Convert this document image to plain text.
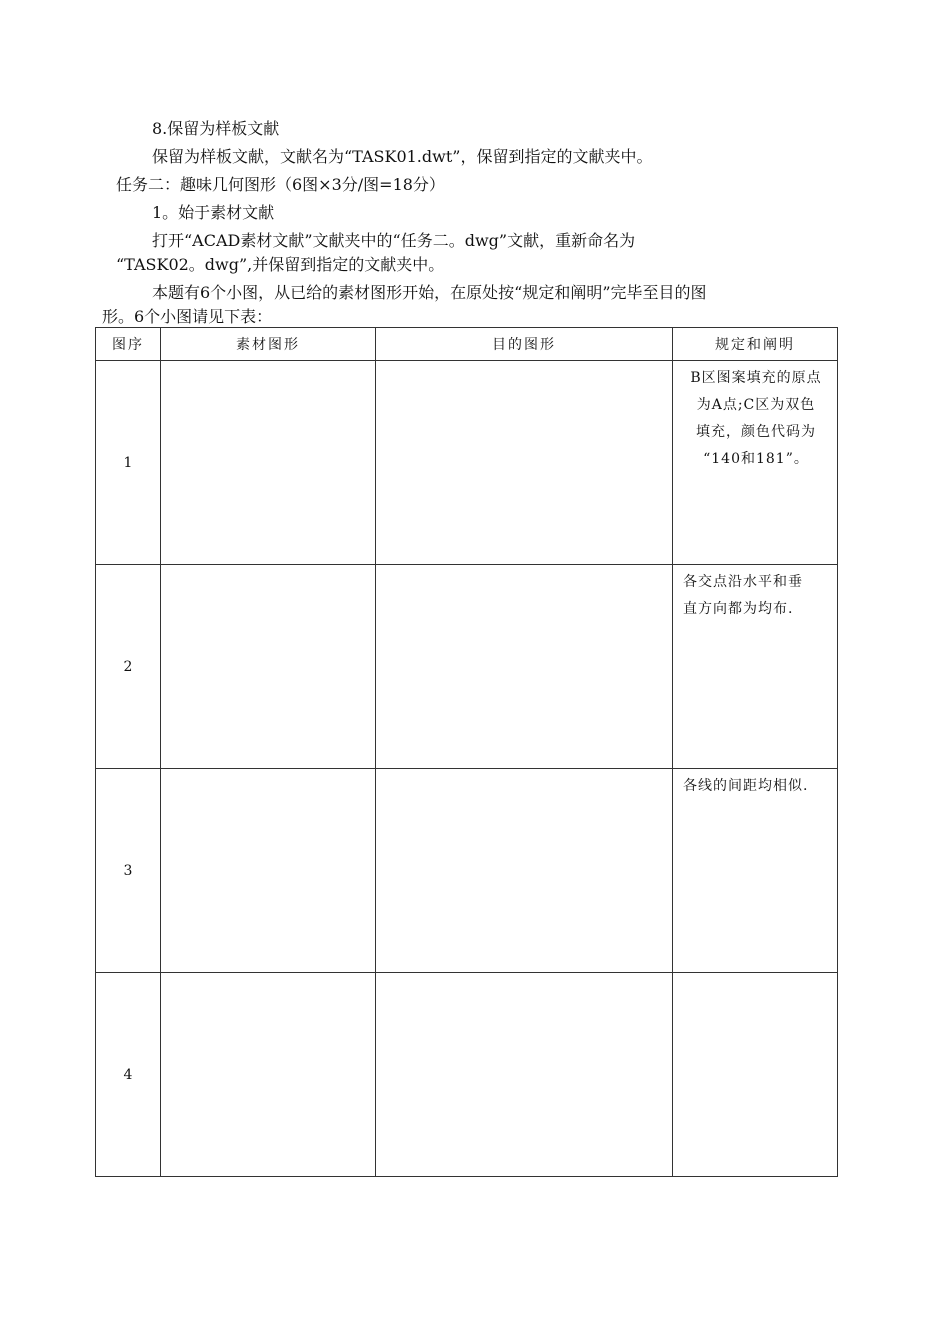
8.保留为样板文献
保留为样板文献，文献名为“TASK01.dwt”，保留到指定的文献夹中。
任务二：趣味几何图形（6图×3分/图=18分）
1。始于素材文献
打开“ACAD素材文献”文献夹中的“任务二。dwg”文献，重新命名为
“TASK02。dwg”,并保留到指定的文献夹中。
本题有6个小图，从已给的素材图形开始，在原处按“规定和阐明”完毕至目的图
形。6个小图请见下表：
图序	素材图形	目的图形	规定和阐明
1			B区图案填充的原点
为A点;C区为双色
填充，颜色代码为
“140和181”。

2			各交点沿水平和垂
直方向都为均布.

3			各线的间距均相似.

4			
